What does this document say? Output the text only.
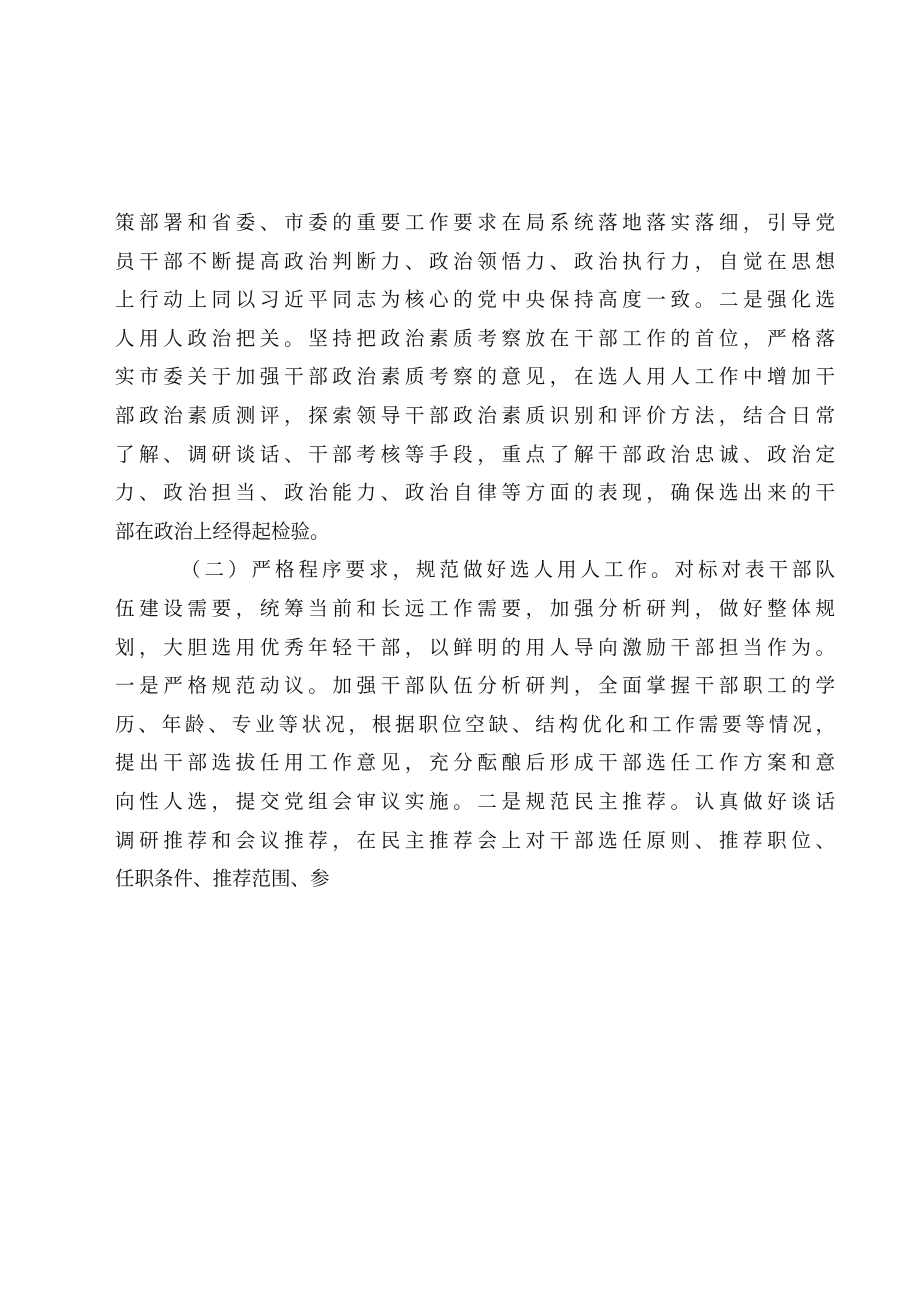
策部署和省委、市委的重要工作要求在局系统落地落实落细，引导党
员干部不断提高政治判断力、政治领悟力、政治执行力，自觉在思想
上行动上同以习近平同志为核心的党中央保持高度一致。二是强化选
人用人政治把关。坚持把政治素质考察放在干部工作的首位，严格落
实市委关于加强干部政治素质考察的意见，在选人用人工作中增加干
部政治素质测评，探索领导干部政治素质识别和评价方法，结合日常
了解、调研谈话、干部考核等手段，重点了解干部政治忠诚、政治定
力、政治担当、政治能力、政治自律等方面的表现，确保选出来的干
部在政治上经得起检验。
（二）严格程序要求，规范做好选人用人工作。对标对表干部队
伍建设需要，统筹当前和长远工作需要，加强分析研判，做好整体规
划，大胆选用优秀年轻干部，以鲜明的用人导向激励干部担当作为。
一是严格规范动议。加强干部队伍分析研判，全面掌握干部职工的学
历、年龄、专业等状况，根据职位空缺、结构优化和工作需要等情况，
提出干部选拔任用工作意见，充分酝酿后形成干部选任工作方案和意
向性人选，提交党组会审议实施。二是规范民主推荐。认真做好谈话
调研推荐和会议推荐，在民主推荐会上对干部选任原则、推荐职位、
任职条件、推荐范围、参
